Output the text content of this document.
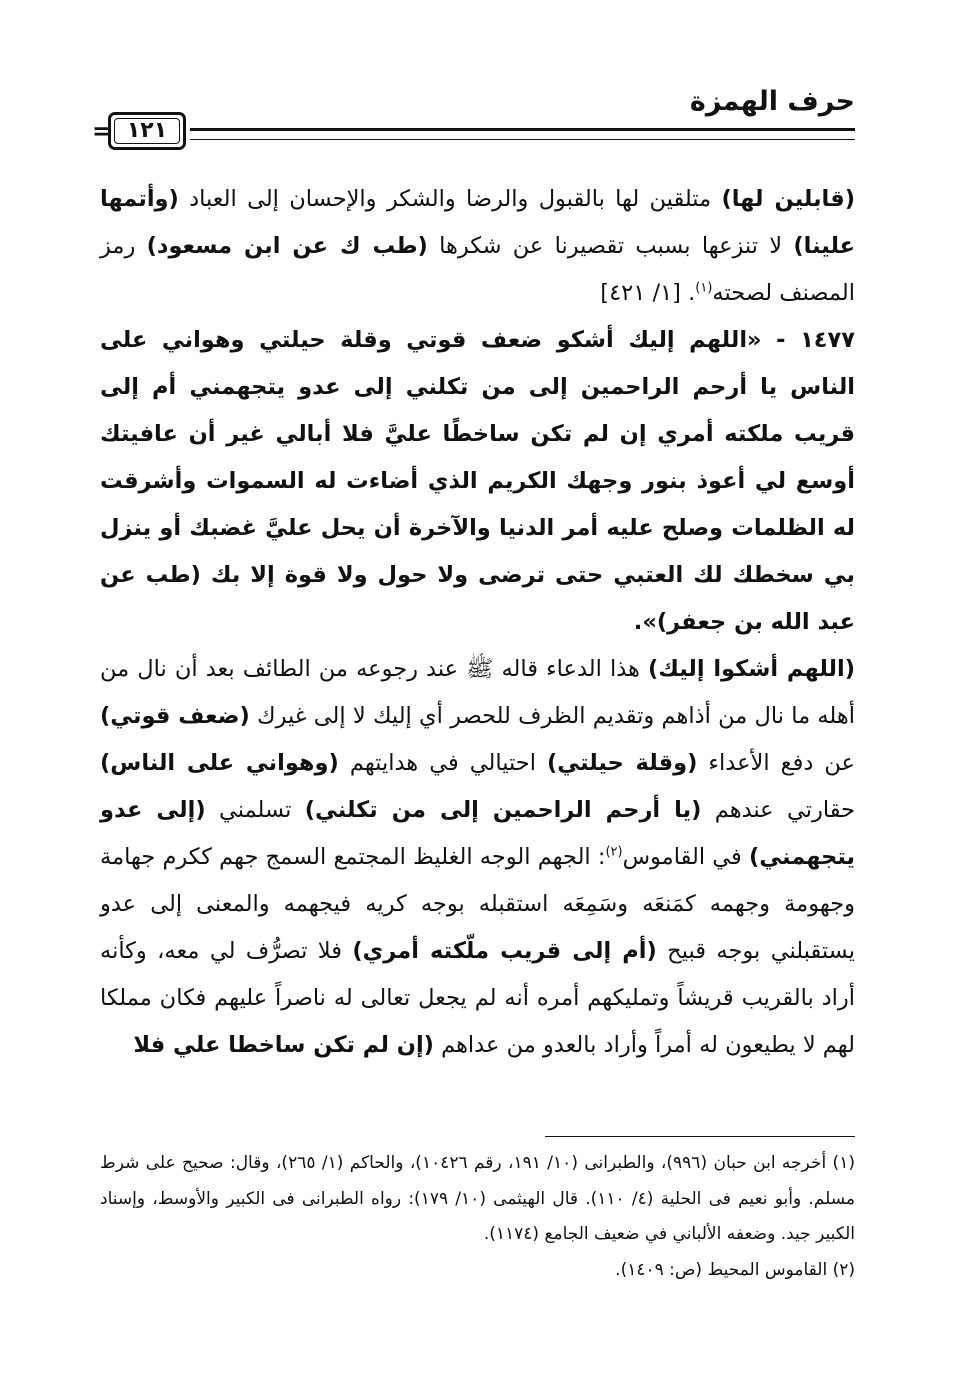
حرف الهمزة
١٢١
=

(قابلين لها) متلقين لها بالقبول والرضا والشكر والإحسان إلى العباد (وأتمها علينا) لا تنزعها بسبب تقصيرنا عن شكرها (طب ك عن ابن مسعود) رمز المصنف لصحته$^{(١)}$. [١/ ٤٢١]

١٤٧٧ - «اللهم إليك أشكو ضعف قوتي وقلة حيلتي وهواني على الناس يا أرحم الراحمين إلى من تكلني إلى عدو يتجهمني أم إلى قريب ملكته أمري إن لم تكن ساخطًا عليَّ فلا أبالي غير أن عافيتك أوسع لي أعوذ بنور وجهك الكريم الذي أضاءت له السموات وأشرقت له الظلمات وصلح عليه أمر الدنيا والآخرة أن يحل عليَّ غضبك أو ينزل بي سخطك لك العتبي حتى ترضى ولا حول ولا قوة إلا بك (طب عن عبد الله بن جعفر)».

(اللهم أشكوا إليك) هذا الدعاء قاله ﷺ عند رجوعه من الطائف بعد أن نال من أهله ما نال من أذاهم وتقديم الظرف للحصر أي إليك لا إلى غيرك (ضعف قوتي) عن دفع الأعداء (وقلة حيلتي) احتيالي في هدايتهم (وهواني على الناس) حقارتي عندهم (يا أرحم الراحمين إلى من تكلني) تسلمني (إلى عدو يتجهمني) في القاموس$^{(٢)}$: الجهم الوجه الغليظ المجتمع السمج جهم ككرم جهامة وجهومة وجهمه كمَنعَه وسَمِعَه استقبله بوجه كريه فيجهمه والمعنى إلى عدو يستقبلني بوجه قبيح (أم إلى قريب ملّكته أمري) فلا تصرُّف لي معه، وكأنه أراد بالقريب قريشاً وتمليكهم أمره أنه لم يجعل تعالى له ناصراً عليهم فكان مملكا لهم لا يطيعون له أمراً وأراد بالعدو من عداهم (إن لم تكن ساخطا علي فلا

(١) أخرجه ابن حبان (٩٩٦)، والطبرانى (١٠/ ١٩١، رقم ١٠٤٢٦)، والحاكم (١/ ٢٦٥)، وقال: صحيح على شرط مسلم. وأبو نعيم فى الحلية (٤/ ١١٠). قال الهيثمى (١٠/ ١٧٩): رواه الطبرانى فى الكبير والأوسط، وإسناد الكبير جيد. وضعفه الألباني في ضعيف الجامع (١١٧٤).

(٢) القاموس المحيط (ص: ١٤٠٩).
